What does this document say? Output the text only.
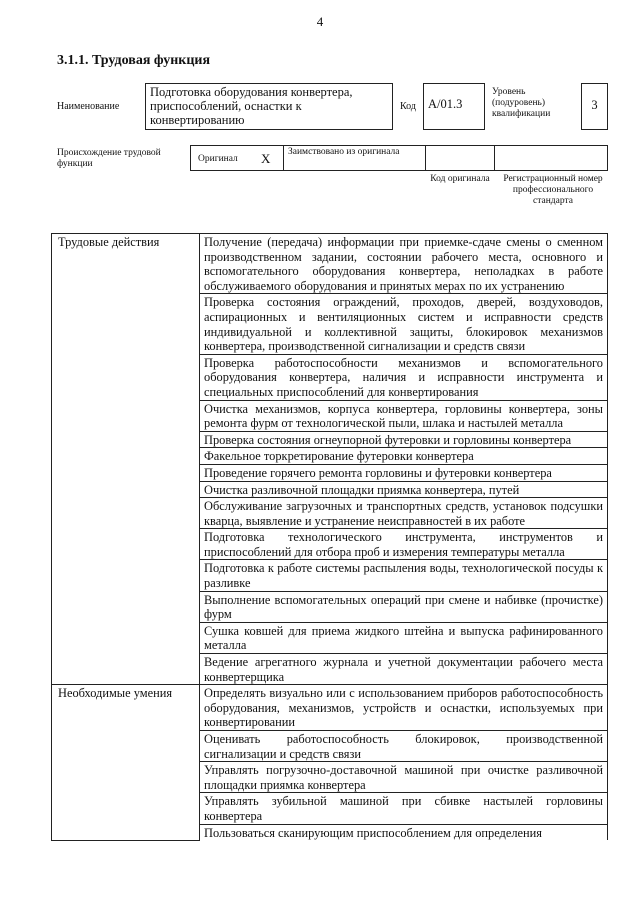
4
3.1.1. Трудовая функция
Наименование
Подготовка оборудования конвертера, приспособлений, оснастки к конвертированию
Код А/01.3
Уровень (подуровень) квалификации
3
Происхождение трудовой функции	Оригинал X	Заимствовано из оригинала
Код оригинала	Регистрационный номер профессионального стандарта
Трудовые действия	Получение (передача) информации при приемке-сдаче смены о сменном производственном задании, состоянии рабочего места, основного и вспомогательного оборудования конвертера, неполадках в работе обслуживаемого оборудования и принятых мерах по их устранению
	Проверка состояния ограждений, проходов, дверей, воздуховодов, аспирационных и вентиляционных систем и исправности средств индивидуальной и коллективной защиты, блокировок механизмов конвертера, производственной сигнализации и средств связи
	Проверка работоспособности механизмов и вспомогательного оборудования конвертера, наличия и исправности инструмента и специальных приспособлений для конвертирования
	Очистка механизмов, корпуса конвертера, горловины конвертера, зоны ремонта фурм от технологической пыли, шлака и настылей металла
	Проверка состояния огнеупорной футеровки и горловины конвертера
	Факельное торкретирование футеровки конвертера
	Проведение горячего ремонта горловины и футеровки конвертера
	Очистка разливочной площадки приямка конвертера, путей
	Обслуживание загрузочных и транспортных средств, установок подсушки кварца, выявление и устранение неисправностей в их работе
	Подготовка технологического инструмента, инструментов и приспособлений для отбора проб и измерения температуры металла
	Подготовка к работе системы распыления воды, технологической посуды к разливке
	Выполнение вспомогательных операций при смене и набивке (прочистке) фурм
	Сушка ковшей для приема жидкого штейна и выпуска рафинированного металла
	Ведение агрегатного журнала и учетной документации рабочего места конвертерщика
Необходимые умения	Определять визуально или с использованием приборов работоспособность оборудования, механизмов, устройств и оснастки, используемых при конвертировании
	Оценивать работоспособность блокировок, производственной сигнализации и средств связи
	Управлять погрузочно-доставочной машиной при очистке разливочной площадки приямка конвертера
	Управлять зубильной машиной при сбивке настылей горловины конвертера
	Пользоваться сканирующим приспособлением для определения
